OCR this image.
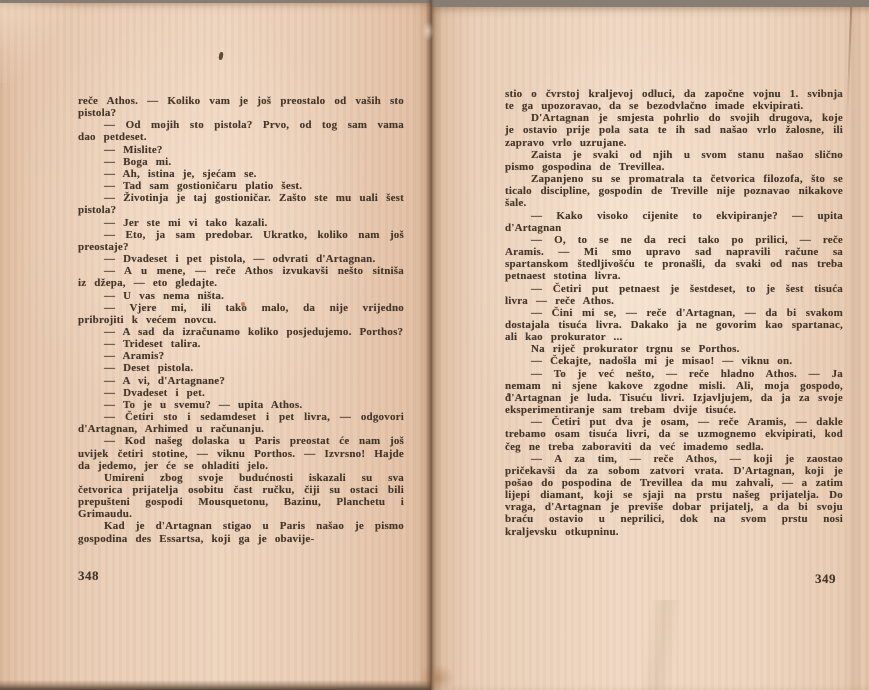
reče Athos. — Koliko vam je još preostalo od vaših sto pistola?
— Od mojih sto pistola? Prvo, od tog sam vama dao petdeset.
— Mislite?
— Boga mi.
— Ah, istina je, sjećam se.
— Tad sam gostioničaru platio šest.
— Životinja je taj gostioničar. Zašto ste mu uali šest pistola?
— Jer ste mi vi tako kazali.
— Eto, ja sam predobar. Ukratko, koliko nam još preostaje?
— Dvadeset i pet pistola, — odvrati d'Artagnan.
— A u mene, — reče Athos izvukavši nešto sitniša iz džepa, — eto gledajte.
— U vas nema ništa.
— Vjere mi, ili tako malo, da nije vrijedno pribrojiti k većem novcu.
— A sad da izračunamo koliko posjedujemo. Porthos?
— Trideset talira.
— Aramis?
— Deset pistola.
— A vi, d'Artagnane?
— Dvadeset i pet.
— To je u svemu? — upita Athos.
— Četiri sto i sedamdeset i pet livra, — odgovori d'Artagnan, Arhimed u računanju.
— Kod našeg dolaska u Paris preostat će nam još uvijek četiri stotine, — viknu Porthos. — Izvrsno! Hajde da jedemo, jer će se ohladiti jelo.
Umireni zbog svoje budućnosti iskazali su sva četvorica prijatelja osobitu čast ručku, čiji su ostaci bili prepušteni gospodi Mousquetonu, Bazinu, Planchetu i Grimaudu.
Kad je d'Artagnan stigao u Paris našao je pismo gospodina des Essartsa, koji ga je obavije-
348
stio o čvrstoj kraljevoj odluci, da započne vojnu 1. svibnja te ga upozoravao, da se bezodvlačno imade ekvipirati.
D'Artagnan je smjesta pohrlio do svojih drugova, koje je ostavio prije pola sata te ih sad našao vrlo žalosne, ili zapravo vrlo uzrujane.
Zaista je svaki od njih u svom stanu našao slično pismo gospodina de Trevillea.
Zapanjeno su se promatrala ta četvorica filozofa, što se ticalo discipline, gospodin de Treville nije poznavao nikakove šale.
— Kako visoko cijenite to ekvipiranje? — upita d'Artagnan
— O, to se ne da reci tako po prilici, — reče Aramis. — Mi smo upravo sad napravili račune sa spartanskom štedljivošću te pronašli, da svaki od nas treba petnaest stotina livra.
— Četiri put petnaest je šestdeset, to je šest tisuća livra — reče Athos.
— Čini mi se, — reče d'Artagnan, — da bi svakom dostajala tisuća livra. Dakako ja ne govorim kao spartanac, ali kao prokurator ...
Na riječ prokurator trgnu se Porthos.
— Čekajte, nadošla mi je misao! — viknu on.
— To je već nešto, — reče hladno Athos. — Ja nemam ni sjene kakove zgodne misli. Ali, moja gospodo, d'Artagnan je luda. Tisuću livri. Izjavljujem, da ja za svoje eksperimentiranje sam trebam dvije tisuće.
— Četiri put dva je osam, — reče Aramis, — dakle trebamo osam tisuća livri, da se uzmognemo ekvipirati, kod čeg ne treba zaboraviti da već imademo sedla.
— A za tim, — reče Athos, — koji je zaostao pričekavši da za sobom zatvori vrata. D'Artagnan, koji je pošao do pospodina de Trevillea da mu zahvali, — a zatim lijepi diamant, koji se sjaji na prstu našeg prijatelja. Do vraga, d'Artagnan je previše dobar prijatelj, a da bi svoju braću ostavio u neprilici, dok na svom prstu nosi kraljevsku otkupninu.
349
